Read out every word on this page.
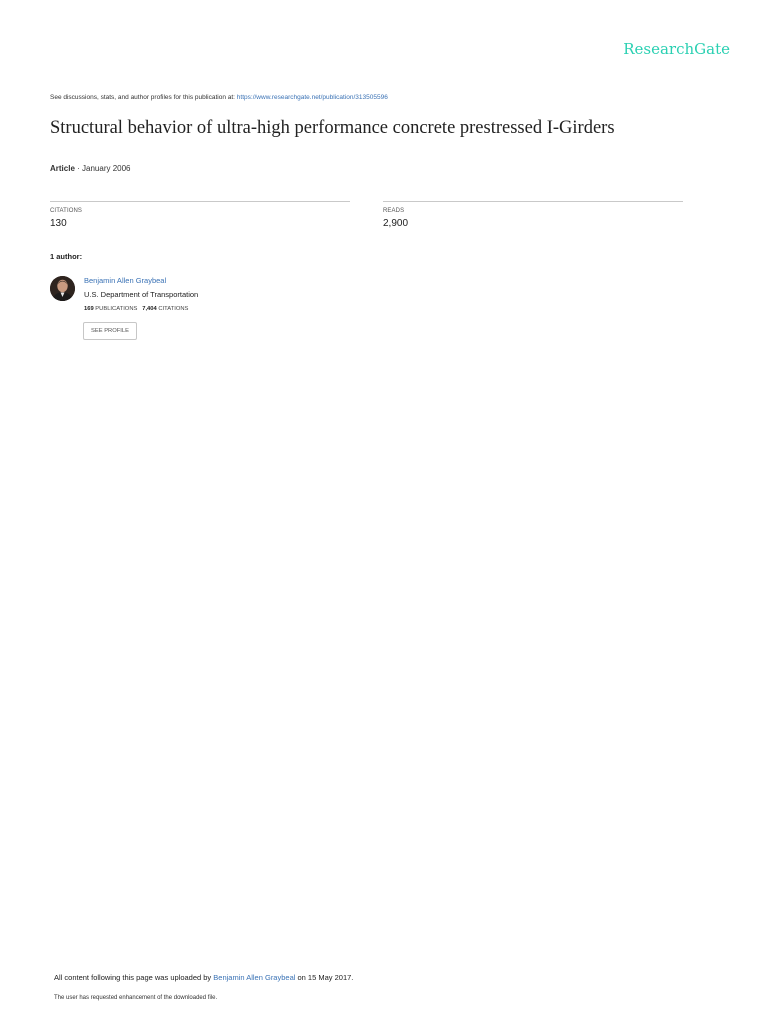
ResearchGate
See discussions, stats, and author profiles for this publication at: https://www.researchgate.net/publication/313505596
Structural behavior of ultra-high performance concrete prestressed I-Girders
Article · January 2006
CITATIONS
130
READS
2,900
1 author:
Benjamin Allen Graybeal
U.S. Department of Transportation
169 PUBLICATIONS 7,404 CITATIONS
SEE PROFILE
All content following this page was uploaded by Benjamin Allen Graybeal on 15 May 2017.
The user has requested enhancement of the downloaded file.
